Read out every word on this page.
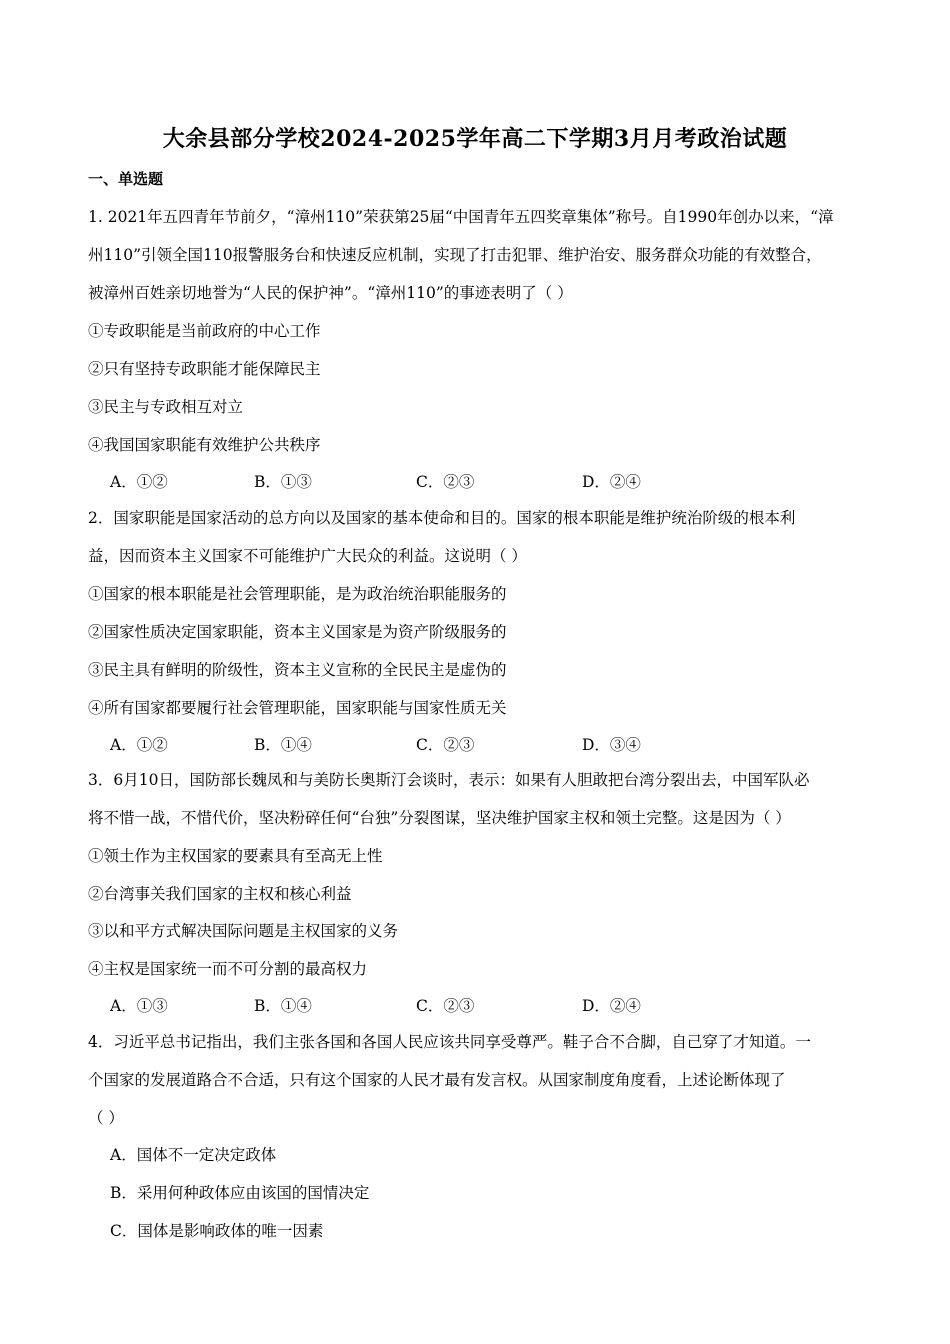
大余县部分学校2024-2025学年高二下学期3月月考政治试题
一、单选题
1. 2021年五四青年节前夕，“漳州110”荣获第25届“中国青年五四奖章集体”称号。自1990年创办以来，“漳
州110”引领全国110报警服务台和快速反应机制，实现了打击犯罪、维护治安、服务群众功能的有效整合，
被漳州百姓亲切地誉为“人民的保护神”。“漳州110”的事迹表明了（ ）
①专政职能是当前政府的中心工作
②只有坚持专政职能才能保障民主
③民主与专政相互对立
④我国国家职能有效维护公共秩序
A．①②	B．①③	C．②③	D．②④
2．国家职能是国家活动的总方向以及国家的基本使命和目的。国家的根本职能是维护统治阶级的根本利
益，因而资本主义国家不可能维护广大民众的利益。这说明（ ）
①国家的根本职能是社会管理职能，是为政治统治职能服务的
②国家性质决定国家职能，资本主义国家是为资产阶级服务的
③民主具有鲜明的阶级性，资本主义宣称的全民民主是虚伪的
④所有国家都要履行社会管理职能，国家职能与国家性质无关
A．①②	B．①④	C．②③	D．③④
3．6月10日，国防部长魏凤和与美防长奥斯汀会谈时，表示：如果有人胆敢把台湾分裂出去，中国军队必
将不惜一战，不惜代价，坚决粉碎任何“台独”分裂图谋，坚决维护国家主权和领土完整。这是因为（ ）
①领土作为主权国家的要素具有至高无上性
②台湾事关我们国家的主权和核心利益
③以和平方式解决国际问题是主权国家的义务
④主权是国家统一而不可分割的最高权力
A．①③	B．①④	C．②③	D．②④
4．习近平总书记指出，我们主张各国和各国人民应该共同享受尊严。鞋子合不合脚，自己穿了才知道。一
个国家的发展道路合不合适，只有这个国家的人民才最有发言权。从国家制度角度看，上述论断体现了
（ ）
A．国体不一定决定政体
B．采用何种政体应由该国的国情决定
C．国体是影响政体的唯一因素
